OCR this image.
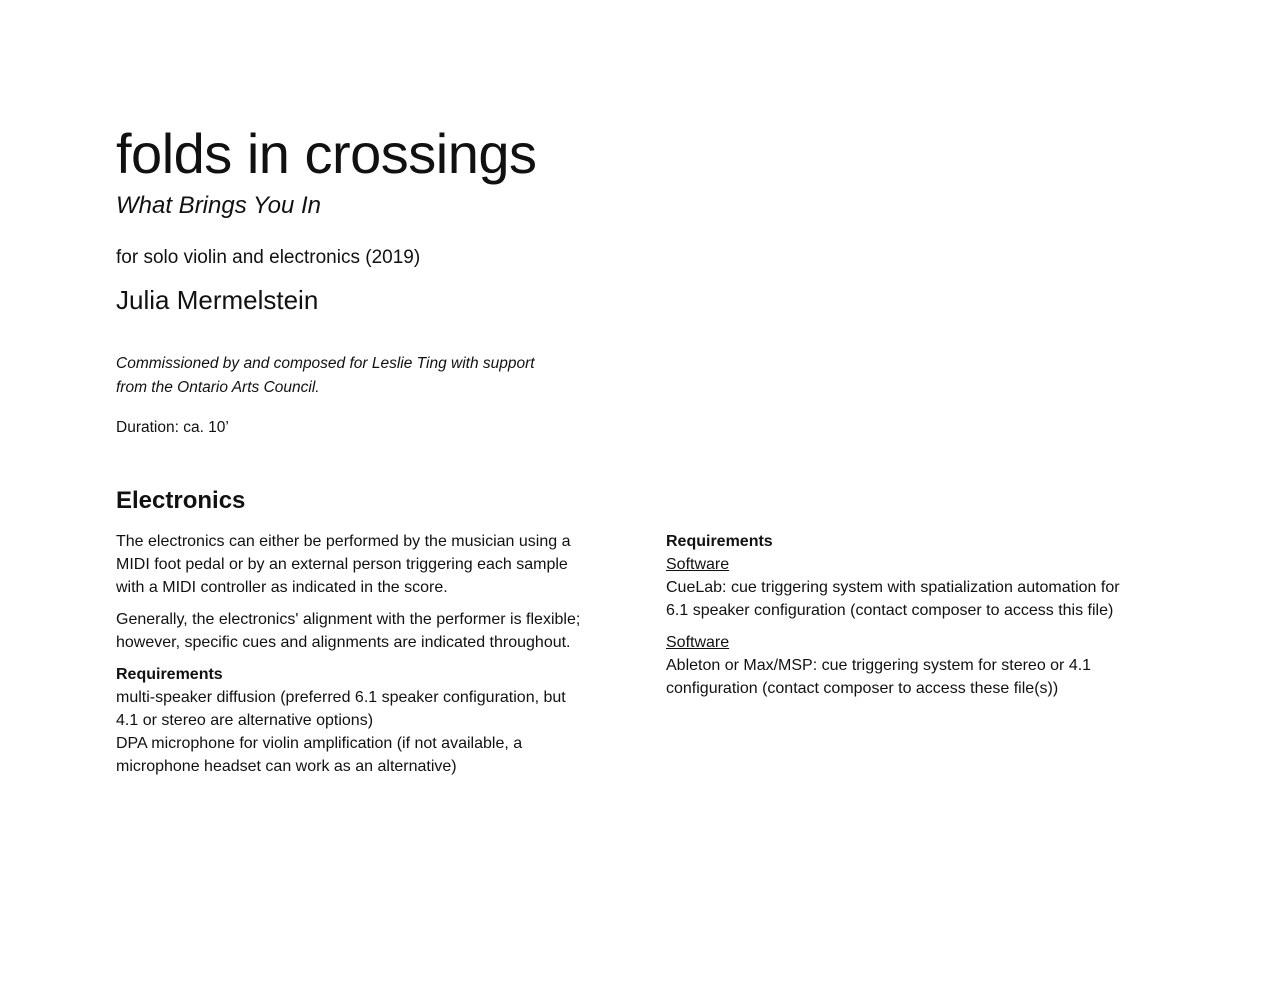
folds in crossings
What Brings You In
for solo violin and electronics (2019)
Julia Mermelstein
Commissioned by and composed for Leslie Ting with support
from the Ontario Arts Council.
Duration: ca. 10’
Electronics
The electronics can either be performed by the musician using a
MIDI foot pedal or by an external person triggering each sample
with a MIDI controller as indicated in the score.
Generally, the electronics' alignment with the performer is flexible;
however, specific cues and alignments are indicated throughout.
Requirements
multi-speaker diffusion (preferred 6.1 speaker configuration, but
4.1 or stereo are alternative options)
DPA microphone for violin amplification (if not available, a
microphone headset can work as an alternative)
Requirements
Software
CueLab: cue triggering system with spatialization automation for
6.1 speaker configuration (contact composer to access this file)
Software
Ableton or Max/MSP: cue triggering system for stereo or 4.1
configuration (contact composer to access these file(s))
